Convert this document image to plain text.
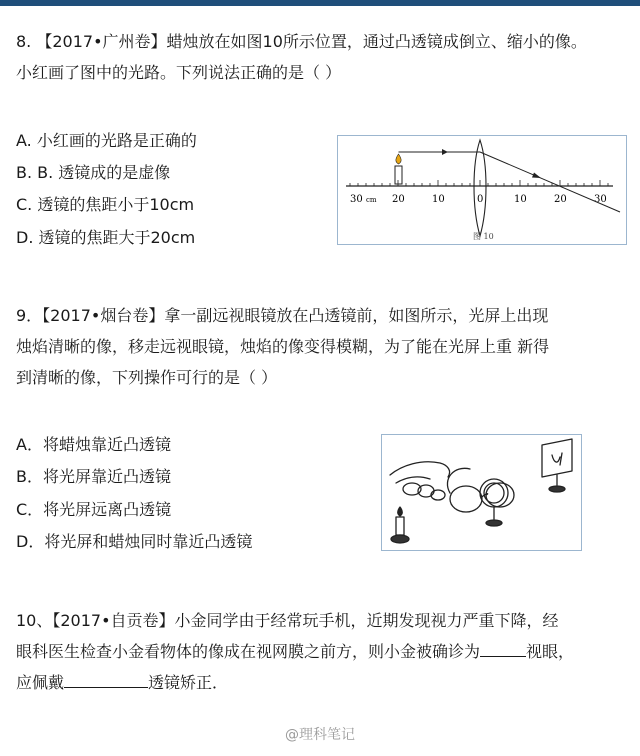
8. 【2017•广州卷】蜡烛放在如图10所示位置，通过凸透镜成倒立、缩小的像。
小红画了图中的光路。下列说法正确的是（ ）
A. 小红画的光路是正确的
B. B. 透镜成的是虚像
C. 透镜的焦距小于10cm
D. 透镜的焦距大于20cm
30 cm 20	10	0	10	20	30
图 10
9．【2017•烟台卷】拿一副远视眼镜放在凸透镜前，如图所示，光屏上出现
烛焰清晰的像，移走远视眼镜，烛焰的像变得模糊，为了能在光屏上重 新得
到清晰的像，下列操作可行的是（ ）
A．将蜡烛靠近凸透镜
B．将光屏靠近凸透镜
C．将光屏远离凸透镜
D．将光屏和蜡烛同时靠近凸透镜
10、【2017•自贡卷】小金同学由于经常玩手机，近期发现视力严重下降，经
眼科医生检查小金看物体的像成在视网膜之前方，则小金被确诊为	视眼，
应佩戴	透镜矫正．
@理科笔记
